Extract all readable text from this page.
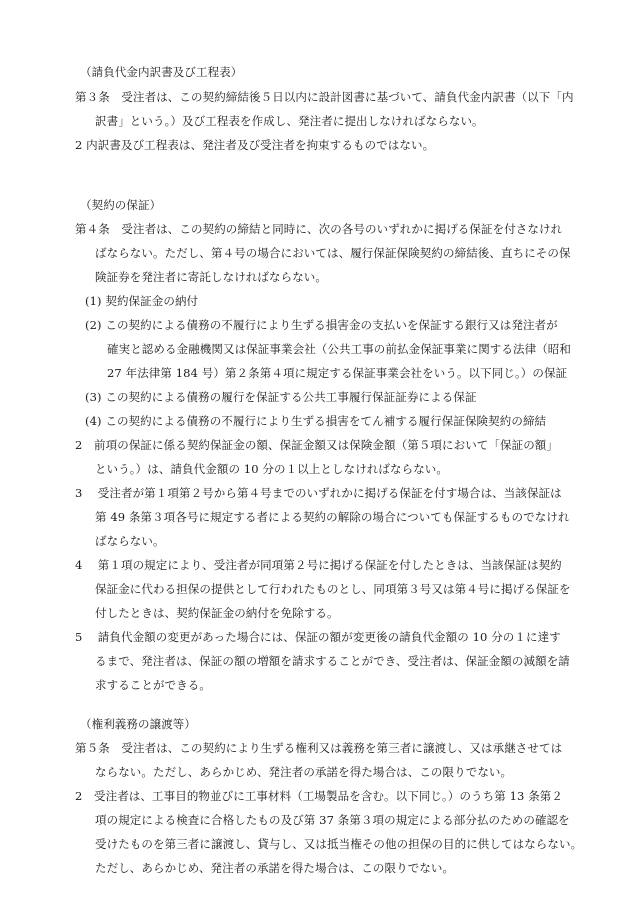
（請負代金内訳書及び工程表）
第３条　受注者は、この契約締結後５日以内に設計図書に基づいて、請負代金内訳書（以下「内
訳書」という。）及び工程表を作成し、発注者に提出しなければならない。
2 内訳書及び工程表は、発注者及び受注者を拘束するものではない。
（契約の保証）
第４条　受注者は、この契約の締結と同時に、次の各号のいずれかに掲げる保証を付さなけれ
ばならない。ただし、第４号の場合においては、履行保証保険契約の締結後、直ちにその保
険証券を発注者に寄託しなければならない。
(1) 契約保証金の納付
(2) この契約による債務の不履行により生ずる損害金の支払いを保証する銀行又は発注者が
確実と認める金融機関又は保証事業会社（公共工事の前払金保証事業に関する法律（昭和
27 年法律第 184 号）第２条第４項に規定する保証事業会社をいう。以下同じ。）の保証
(3) この契約による債務の履行を保証する公共工事履行保証証券による保証
(4) この契約による債務の不履行により生ずる損害をてん補する履行保証保険契約の締結
2　前項の保証に係る契約保証金の額、保証金額又は保険金額（第５項において「保証の額」
という。）は、請負代金額の 10 分の１以上としなければならない。
3　 受注者が第１項第２号から第４号までのいずれかに掲げる保証を付す場合は、当該保証は
第 49 条第３項各号に規定する者による契約の解除の場合についても保証するものでなけれ
ばならない。
4　 第１項の規定により、受注者が同項第２号に掲げる保証を付したときは、当該保証は契約
保証金に代わる担保の提供として行われたものとし、同項第３号又は第４号に掲げる保証を
付したときは、契約保証金の納付を免除する。
5　 請負代金額の変更があった場合には、保証の額が変更後の請負代金額の 10 分の１に達す
るまで、発注者は、保証の額の増額を請求することができ、受注者は、保証金額の減額を請
求することができる。
（権利義務の譲渡等）
第５条　受注者は、この契約により生ずる権利又は義務を第三者に譲渡し、又は承継させては
ならない。ただし、あらかじめ、発注者の承諾を得た場合は、この限りでない。
2　受注者は、工事目的物並びに工事材料（工場製品を含む。以下同じ。）のうち第 13 条第２
項の規定による検査に合格したもの及び第 37 条第３項の規定による部分払のための確認を
受けたものを第三者に譲渡し、貸与し、又は抵当権その他の担保の目的に供してはならない。
ただし、あらかじめ、発注者の承諾を得た場合は、この限りでない。
